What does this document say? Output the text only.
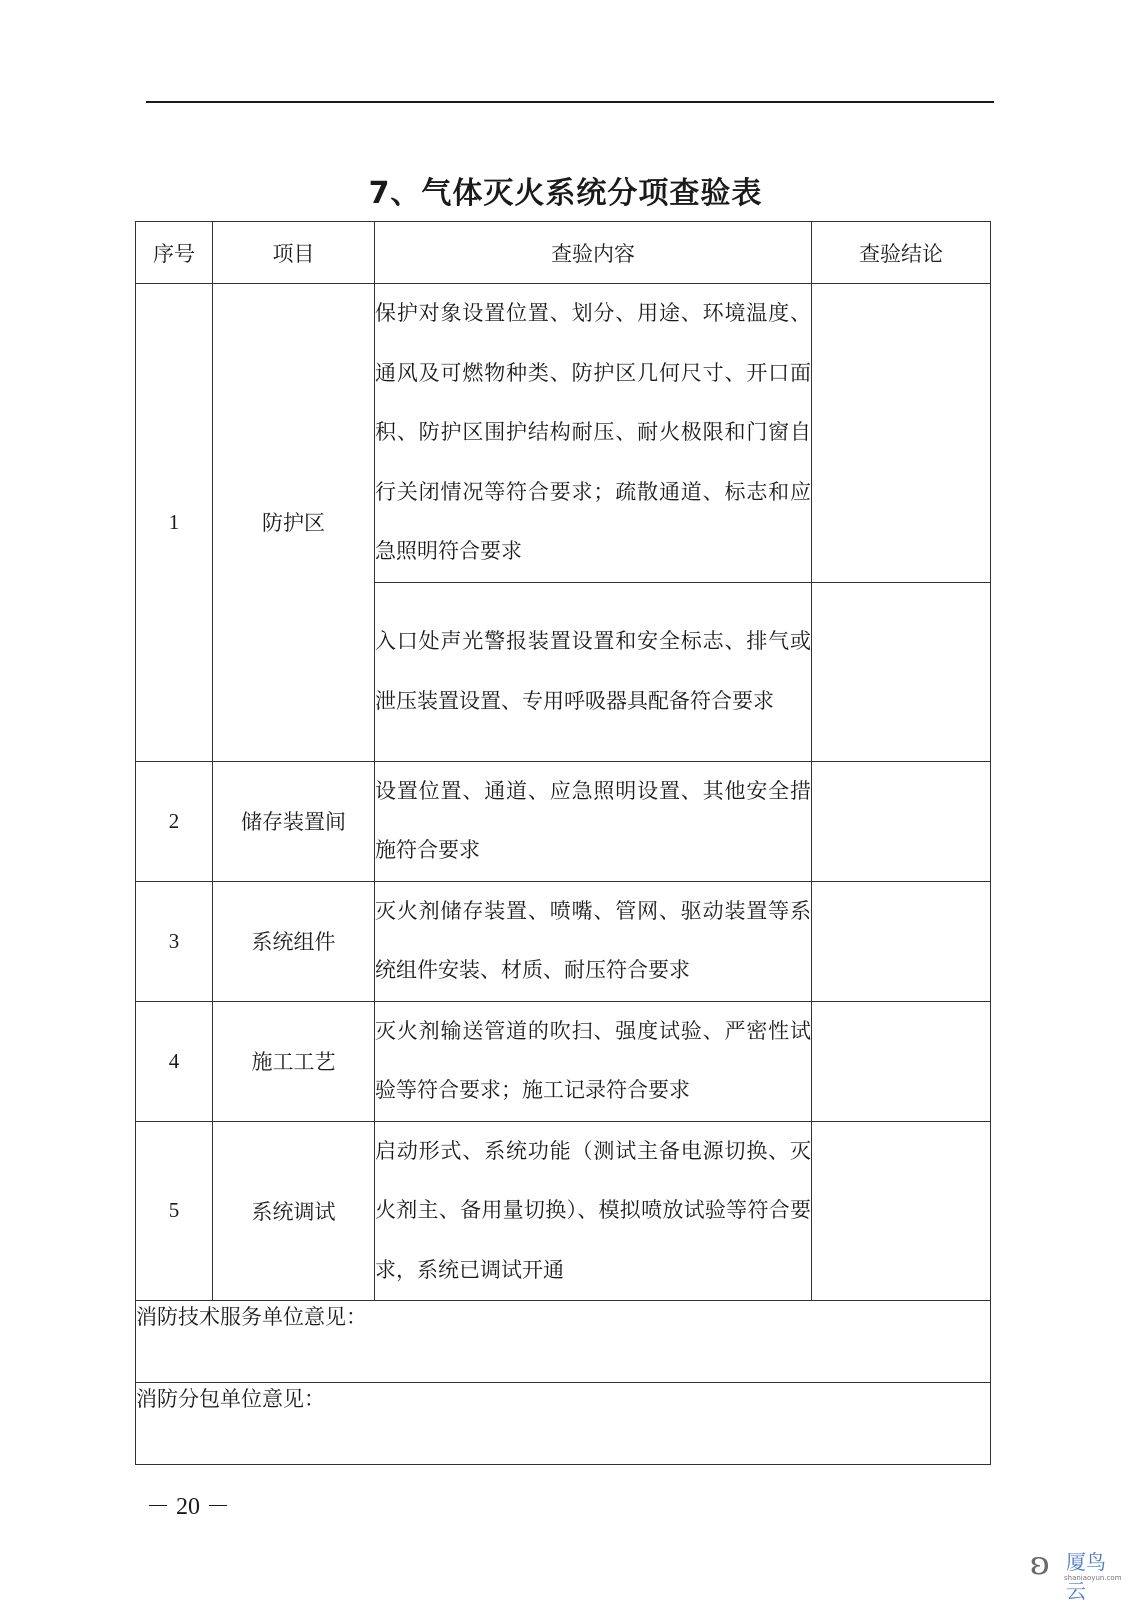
7、气体灭火系统分项查验表
序号	项目	查验内容	查验结论
1	防护区	保护对象设置位置、划分、用途、环境温度、通风及可燃物种类、防护区几何尺寸、开口面积、防护区围护结构耐压、耐火极限和门窗自行关闭情况等符合要求；疏散通道、标志和应急照明符合要求	
		入口处声光警报装置设置和安全标志、排气或泄压装置设置、专用呼吸器具配备符合要求	
2	储存装置间	设置位置、通道、应急照明设置、其他安全措施符合要求	
3	系统组件	灭火剂储存装置、喷嘴、管网、驱动装置等系统组件安装、材质、耐压符合要求	
4	施工工艺	灭火剂输送管道的吹扫、强度试验、严密性试验等符合要求；施工记录符合要求	
5	系统调试	启动形式、系统功能（测试主备电源切换、灭火剂主、备用量切换）、模拟喷放试验等符合要求，系统已调试开通	
消防技术服务单位意见：			
消防分包单位意见：			
－ 20 －
ʚ 厦鸟云
shaniaoyun.com
